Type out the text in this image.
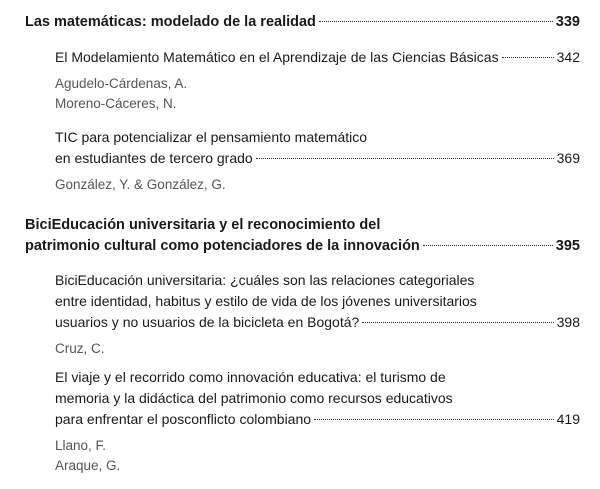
Las matemáticas: modelado de la realidad	339
El Modelamiento Matemático en el Aprendizaje de las Ciencias Básicas	342
Agudelo-Cárdenas, A.
Moreno-Cáceres, N.
TIC para potencializar el pensamiento matemático
en estudiantes de tercero grado	369
González, Y. & González, G.
BiciEducación universitaria y el reconocimiento del
patrimonio cultural como potenciadores de la innovación	395
BiciEducación universitaria: ¿cuáles son las relaciones categoriales
entre identidad, habitus y estilo de vida de los jóvenes universitarios
usuarios y no usuarios de la bicicleta en Bogotá?	398
Cruz, C.
El viaje y el recorrido como innovación educativa: el turismo de
memoria y la didáctica del patrimonio como recursos educativos
para enfrentar el posconflicto colombiano	419
Llano, F.
Araque, G.
